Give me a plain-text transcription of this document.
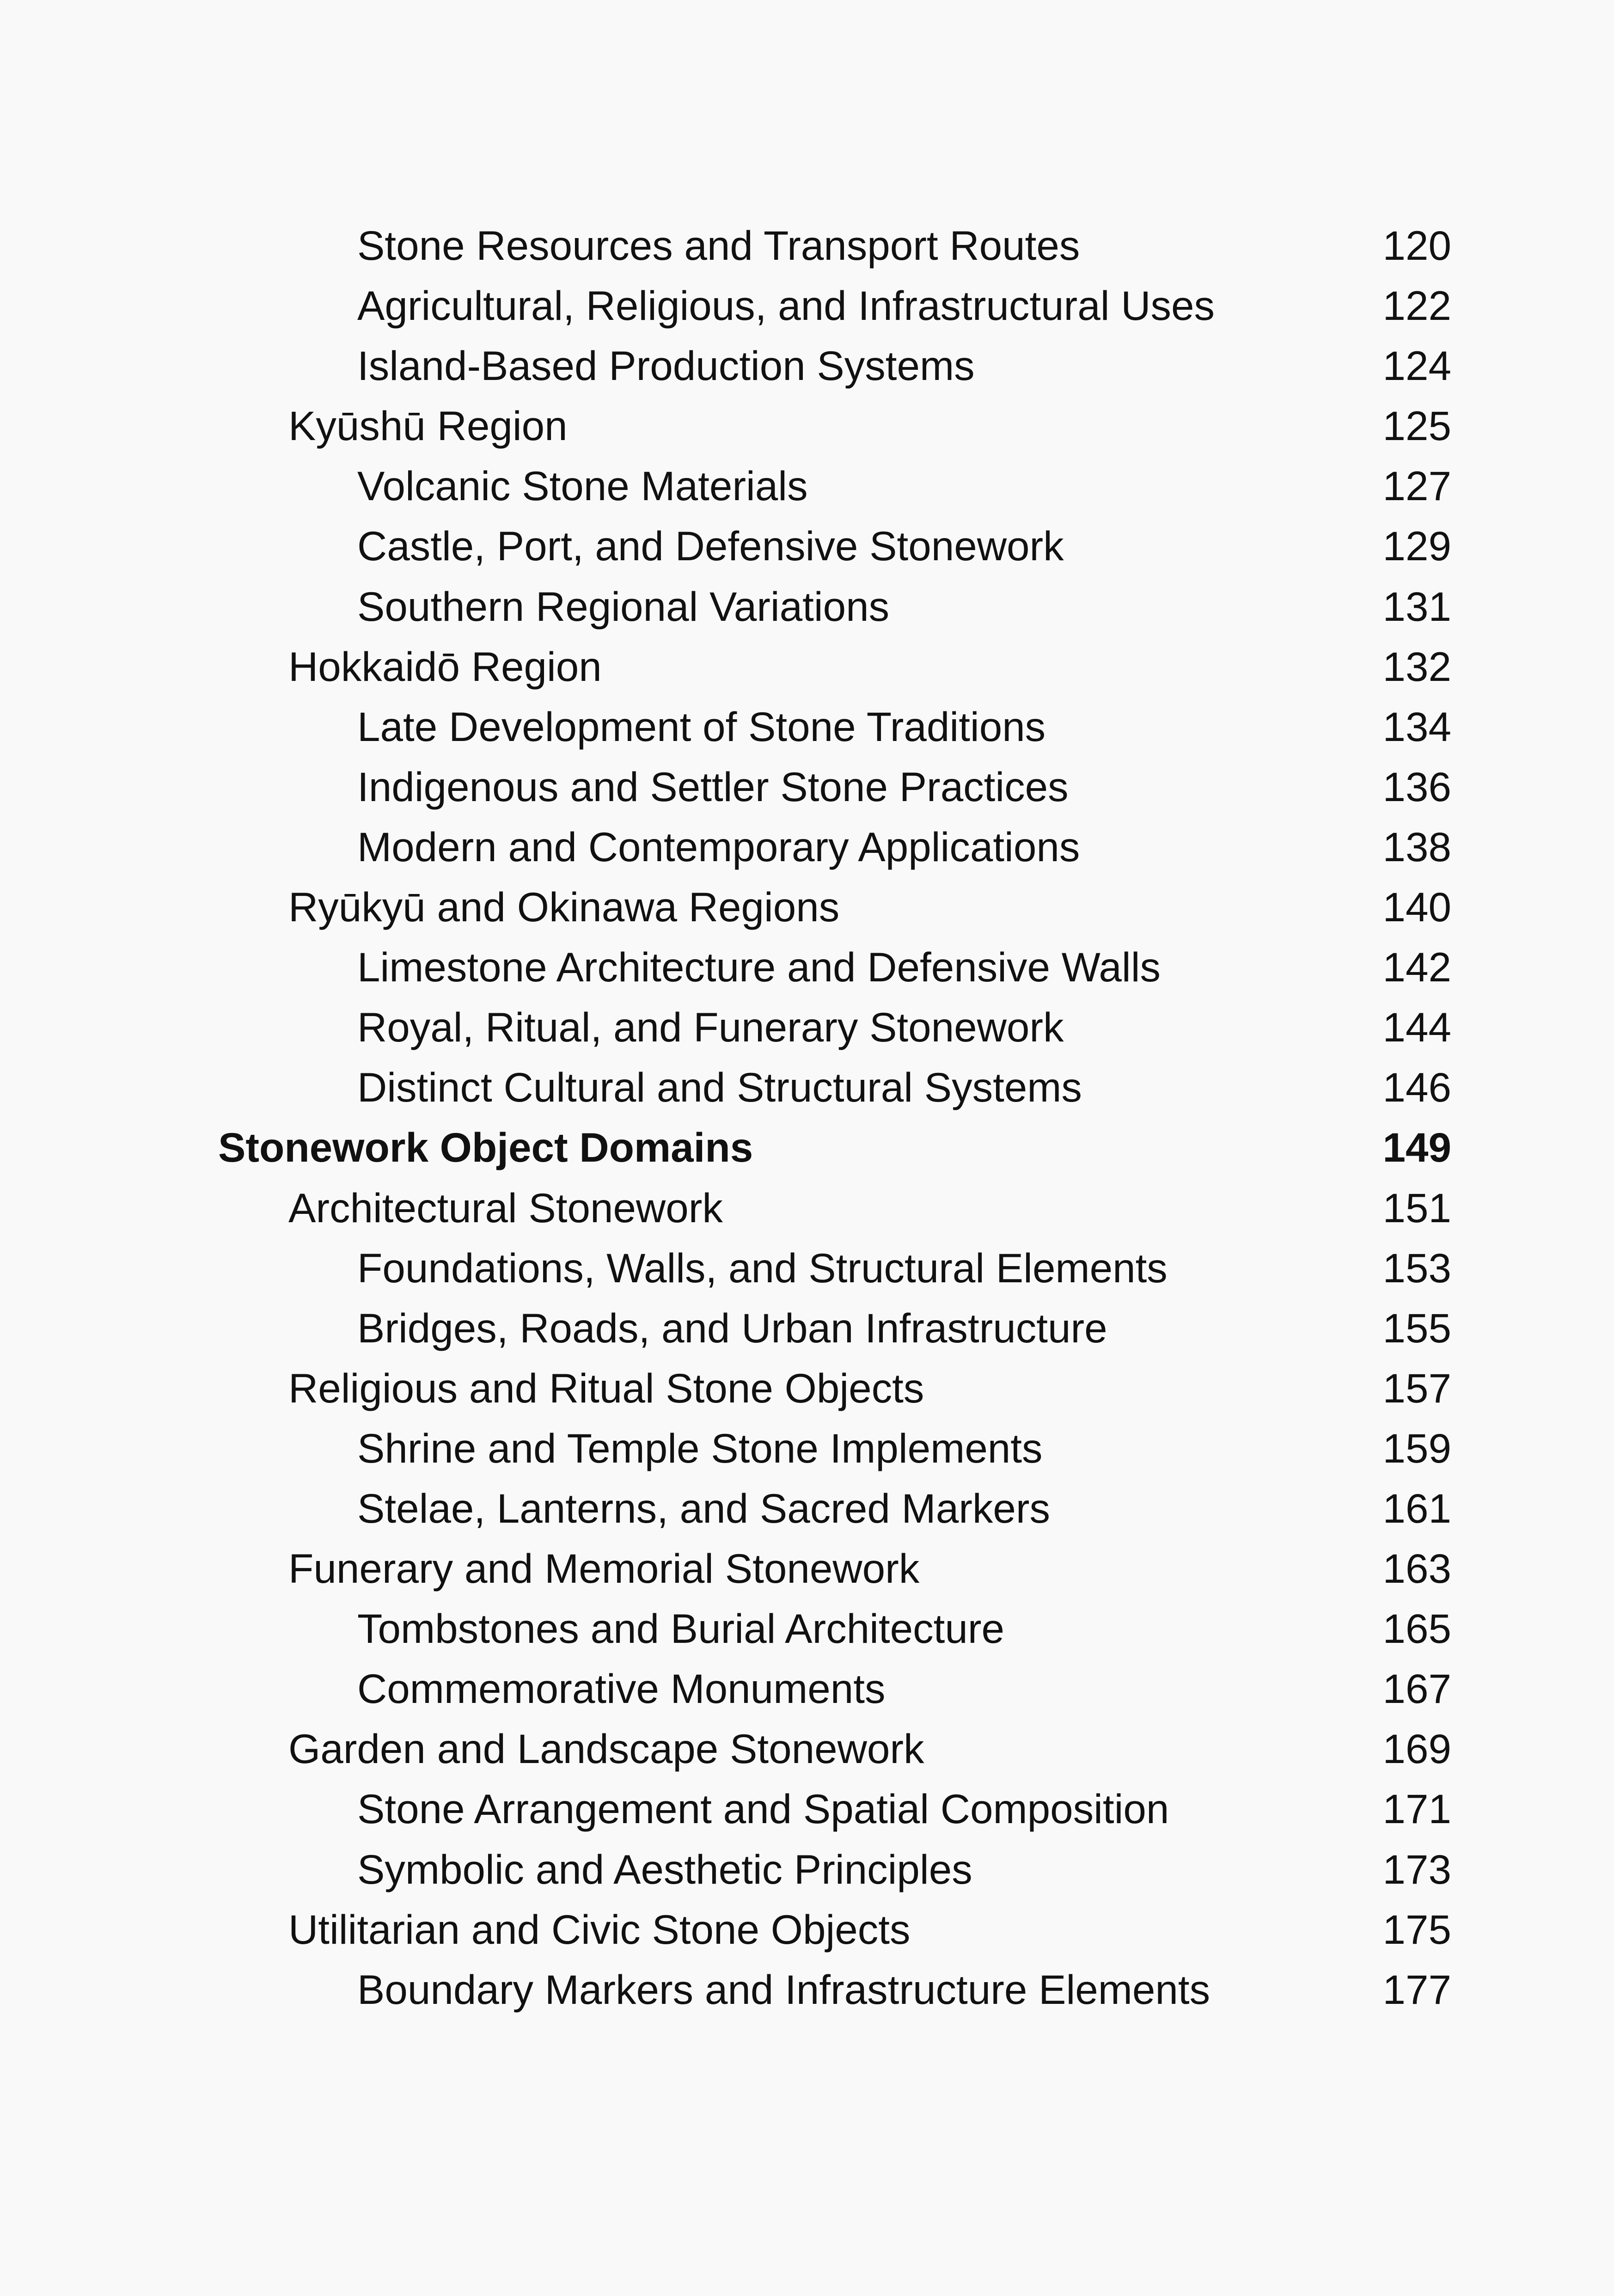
Stone Resources and Transport Routes	120
Agricultural, Religious, and Infrastructural Uses	122
Island-Based Production Systems	124
Kyūshū Region	125
Volcanic Stone Materials	127
Castle, Port, and Defensive Stonework	129
Southern Regional Variations	131
Hokkaidō Region	132
Late Development of Stone Traditions	134
Indigenous and Settler Stone Practices	136
Modern and Contemporary Applications	138
Ryūkyū and Okinawa Regions	140
Limestone Architecture and Defensive Walls	142
Royal, Ritual, and Funerary Stonework	144
Distinct Cultural and Structural Systems	146
Stonework Object Domains	149
Architectural Stonework	151
Foundations, Walls, and Structural Elements	153
Bridges, Roads, and Urban Infrastructure	155
Religious and Ritual Stone Objects	157
Shrine and Temple Stone Implements	159
Stelae, Lanterns, and Sacred Markers	161
Funerary and Memorial Stonework	163
Tombstones and Burial Architecture	165
Commemorative Monuments	167
Garden and Landscape Stonework	169
Stone Arrangement and Spatial Composition	171
Symbolic and Aesthetic Principles	173
Utilitarian and Civic Stone Objects	175
Boundary Markers and Infrastructure Elements	177
